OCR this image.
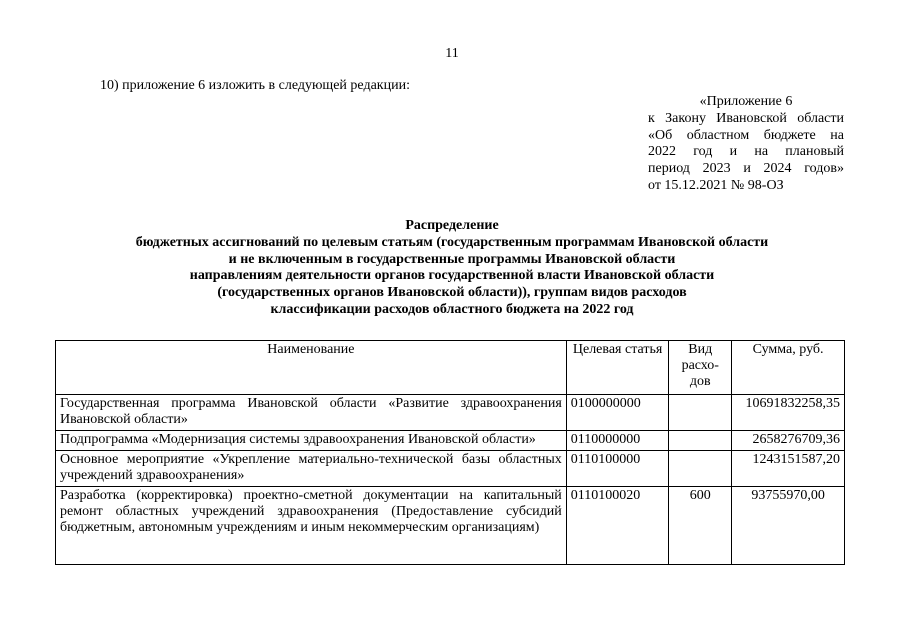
11
10) приложение 6 изложить в следующей редакции:
«Приложение 6
к Закону Ивановской области
«Об областном бюджете на
2022 год и на плановый
период 2023 и 2024 годов»
от 15.12.2021 № 98-ОЗ
Распределение
бюджетных ассигнований по целевым статьям (государственным программам Ивановской области
и не включенным в государственные программы Ивановской области
направлениям деятельности органов государственной власти Ивановской области
(государственных органов Ивановской области)), группам видов расходов
классификации расходов областного бюджета на 2022 год
Наименование	Целевая статья	Вид расхо-дов	Сумма, руб.
Государственная программа Ивановской области «Развитие здравоохранения Ивановской области»	0100000000		10691832258,35
Подпрограмма «Модернизация системы здравоохранения Ивановской области»	0110000000		2658276709,36
Основное мероприятие «Укрепление материально-технической базы областных учреждений здравоохранения»	0110100000		1243151587,20
Разработка (корректировка) проектно-сметной документации на капитальный ремонт областных учреждений здравоохранения (Предоставление субсидий бюджетным, автономным учреждениям и иным некоммерческим организациям)	0110100020	600	93755970,00
